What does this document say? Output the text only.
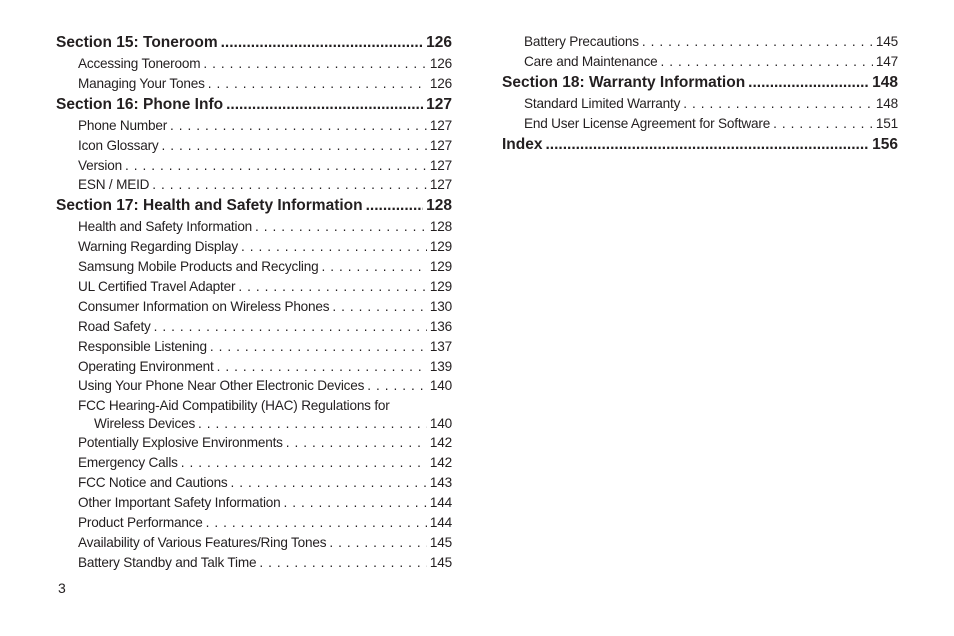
Section 15: Toneroom .....	126
Accessing Toneroom . . .	126
Managing Your Tones . . .	126
Section 16: Phone Info .....	127
Phone Number . . .	127
Icon Glossary . . .	127
Version . . .	127
ESN / MEID . . .	127
Section 17: Health and Safety Information .....	128
Health and Safety Information . . .	128
Warning Regarding Display . . .	129
Samsung Mobile Products and Recycling . . .	129
UL Certified Travel Adapter . . .	129
Consumer Information on Wireless Phones . . .	130
Road Safety . . .	136
Responsible Listening . . .	137
Operating Environment . . .	139
Using Your Phone Near Other Electronic Devices . . .	140
FCC Hearing-Aid Compatibility (HAC) Regulations for
Wireless Devices . . .	140
Potentially Explosive Environments . . .	142
Emergency Calls . . .	142
FCC Notice and Cautions . . .	143
Other Important Safety Information . . .	144
Product Performance . . .	144
Availability of Various Features/Ring Tones . . .	145
Battery Standby and Talk Time . . .	145
Battery Precautions . . .	145
Care and Maintenance . . .	147
Section 18: Warranty Information .....	148
Standard Limited Warranty . . .	148
End User License Agreement for Software . . .	151
Index .....	156
3
